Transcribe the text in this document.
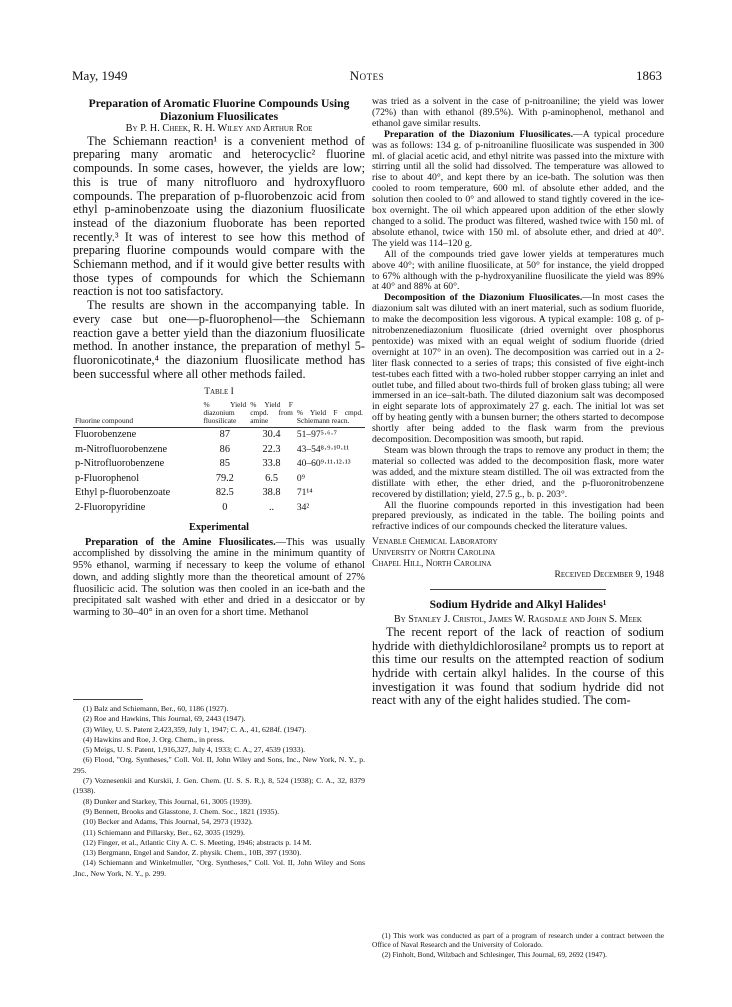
May, 1949	Notes	1863

Preparation of Aromatic Fluorine Compounds Using Diazonium Fluosilicates

By P. H. Cheek, R. H. Wiley and Arthur Roe

The Schiemann reaction¹ is a convenient method of preparing many aromatic and heterocyclic² fluorine compounds. In some cases, however, the yields are low; this is true of many nitrofluoro and hydroxyfluoro compounds. The preparation of p-fluorobenzoic acid from ethyl p-aminobenzoate using the diazonium fluosilicate instead of the diazonium fluoborate has been reported recently.³ It was of interest to see how this method of preparing fluorine compounds would compare with the Schiemann method, and if it would give better results with those types of compounds for which the Schiemann reaction is not too satisfactory.

The results are shown in the accompanying table. In every case but one—p-fluorophenol—the Schiemann reaction gave a better yield than the diazonium fluosilicate method. In another instance, the preparation of methyl 5-fluoronicotinate,⁴ the diazonium fluosilicate method has been successful where all other methods failed.

Table I
Fluorine compound	% Yield diazonium fluosilicate	% Yield F cmpd. from amine	% Yield F cmpd. Schiemann reacn.
Fluorobenzene	87	30.4	51–97⁵·⁶·⁷
m-Nitrofluorobenzene	86	22.3	43–54⁸·⁹·¹⁰·¹¹
p-Nitrofluorobenzene	85	33.8	40–60⁹·¹¹·¹²·¹³
p-Fluorophenol	79.2	6.5	0⁹
Ethyl p-fluorobenzoate	82.5	38.8	71¹⁴
2-Fluoropyridine	0	..	34²
Experimental

Preparation of the Amine Fluosilicates.—This was usually accomplished by dissolving the amine in the minimum quantity of 95% ethanol, warming if necessary to keep the volume of ethanol down, and adding slightly more than the theoretical amount of 27% fluosilicic acid. The solution was then cooled in an ice-bath and the precipitated salt washed with ether and dried in a desiccator or by warming to 30–40° in an oven for a short time. Methanol

(1) Balz and Schiemann, Ber., 60, 1186 (1927).
(2) Roe and Hawkins, This Journal, 69, 2443 (1947).
(3) Wiley, U. S. Patent 2,423,359, July 1, 1947; C. A., 41, 6284f. (1947).
(4) Hawkins and Roe, J. Org. Chem., in press.
(5) Meigs, U. S. Patent, 1,916,327, July 4, 1933; C. A., 27, 4539 (1933).
(6) Flood, "Org. Syntheses," Coll. Vol. II, John Wiley and Sons, Inc., New York, N. Y., p. 295.
(7) Voznesenkii and Kurskii, J. Gen. Chem. (U. S. S. R.), 8, 524 (1938); C. A., 32, 8379 (1938).
(8) Dunker and Starkey, This Journal, 61, 3005 (1939).
(9) Bennett, Brooks and Glasstone, J. Chem. Soc., 1821 (1935).
(10) Becker and Adams, This Journal, 54, 2973 (1932).
(11) Schiemann and Pillarsky, Ber., 62, 3035 (1929).
(12) Finger, et al., Atlantic City A. C. S. Meeting, 1946; abstracts p. 14 M.
(13) Bergmann, Engel and Sandor, Z. physik. Chem., 10B, 397 (1930).
(14) Schiemann and Winkelmuller, "Org. Syntheses," Coll. Vol. II, John Wiley and Sons ,Inc., New York, N. Y., p. 299.

was tried as a solvent in the case of p-nitroaniline; the yield was lower (72%) than with ethanol (89.5%). With p-aminophenol, methanol and ethanol gave similar results.

Preparation of the Diazonium Fluosilicates.—A typical procedure was as follows: 134 g. of p-nitroaniline fluosilicate was suspended in 300 ml. of glacial acetic acid, and ethyl nitrite was passed into the mixture with stirring until all the solid had dissolved. The temperature was allowed to rise to about 40°, and kept there by an ice-bath. The solution was then cooled to room temperature, 600 ml. of absolute ether added, and the solution then cooled to 0° and allowed to stand tightly covered in the ice-box overnight. The oil which appeared upon addition of the ether slowly changed to a solid. The product was filtered, washed twice with 150 ml. of absolute ethanol, twice with 150 ml. of absolute ether, and dried at 40°. The yield was 114–120 g.

All of the compounds tried gave lower yields at temperatures much above 40°; with aniline fluosilicate, at 50° for instance, the yield dropped to 67% although with the p-hydroxyaniline fluosilicate the yield was 89% at 40° and 88% at 60°.

Decomposition of the Diazonium Fluosilicates.—In most cases the diazonium salt was diluted with an inert material, such as sodium fluoride, to make the decomposition less vigorous. A typical example: 108 g. of p-nitrobenzenediazonium fluosilicate (dried overnight over phosphorus pentoxide) was mixed with an equal weight of sodium fluoride (dried overnight at 107° in an oven). The decomposition was carried out in a 2-liter flask connected to a series of traps; this consisted of five eight-inch test-tubes each fitted with a two-holed rubber stopper carrying an inlet and outlet tube, and filled about two-thirds full of broken glass tubing; all were immersed in an ice–salt-bath. The diluted diazonium salt was decomposed in eight separate lots of approximately 27 g. each. The initial lot was set off by heating gently with a bunsen burner; the others started to decompose shortly after being added to the flask warm from the previous decomposition. Decomposition was smooth, but rapid.

Steam was blown through the traps to remove any product in them; the material so collected was added to the decomposition flask, more water was added, and the mixture steam distilled. The oil was extracted from the distillate with ether, the ether dried, and the p-fluoronitrobenzene recovered by distillation; yield, 27.5 g., b. p. 203°.

All the fluorine compounds reported in this investigation had been prepared previously, as indicated in the table. The boiling points and refractive indices of our compounds checked the literature values.

Venable Chemical Laboratory
University of North Carolina
Chapel Hill, North Carolina
Received December 9, 1948
Sodium Hydride and Alkyl Halides¹

By Stanley J. Cristol, James W. Ragsdale and John S. Meek

The recent report of the lack of reaction of sodium hydride with diethyldichlorosilane² prompts us to report at this time our results on the attempted reaction of sodium hydride with certain alkyl halides. In the course of this investigation it was found that sodium hydride did not react with any of the eight halides studied. The com-

(1) This work was conducted as part of a program of research under a contract between the Office of Naval Research and the University of Colorado.
(2) Finholt, Bond, Wilzbach and Schlesinger, This Journal, 69, 2692 (1947).
